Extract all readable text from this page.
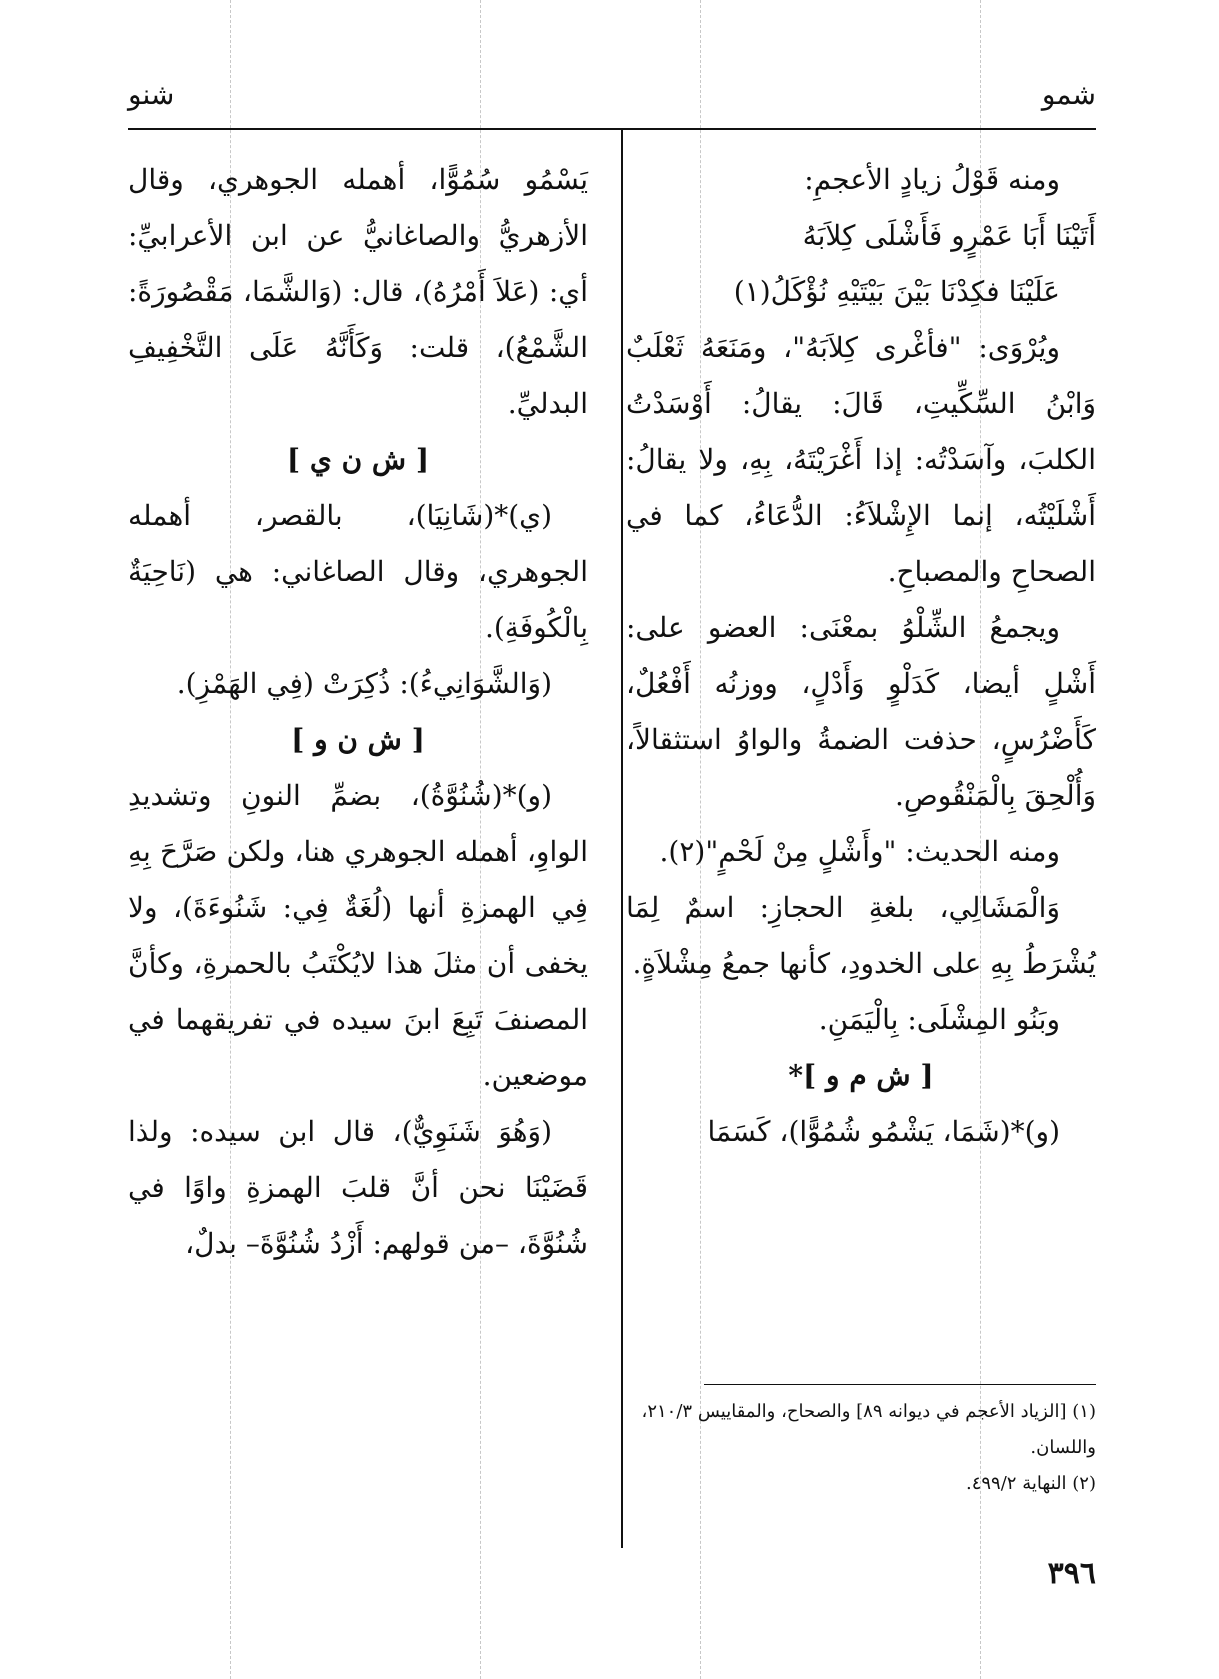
شمو
شنو

ومنه قَوْلُ زيادٍ الأعجمِ:

أَتَيْنَا أَبَا عَمْرٍو فَأَشْلَى كِلاَبَهُ

عَلَيْنَا فكِدْنَا بَيْنَ بَيْتَيْهِ نُؤْكَلُ(١)

ويُرْوَى: "فأغْرى كِلاَبَهُ"، ومَنَعَهُ ثَعْلَبٌ وَابْنُ السِّكِّيتِ، قَالَ: يقالُ: أَوْسَدْتُ الكلبَ، وآسَدْتُه: إذا أَغْرَيْتَهُ، بِهِ، ولا يقالُ: أَشْلَيْتُه، إنما الإِشْلاَءُ: الدُّعَاءُ، كما في الصحاحِ والمصباحِ.

ويجمعُ الشِّلْوُ بمعْنَى: العضو على: أَشْلٍ أيضا، كَدَلْوٍ وَأَدْلٍ، ووزنُه أَفْعُلٌ، كَأَضْرُسٍ، حذفت الضمةُ والواوُ استثقالاً، وَأُلْحِقَ بِالْمَنْقُوصِ.

ومنه الحديث: "وأَشْلٍ مِنْ لَحْمٍ"(٢).

وَالْمَشَالِي، بلغةِ الحجازِ: اسمٌ لِمَا يُشْرَطُ بِهِ على الخدودِ، كأنها جمعُ مِشْلاَةٍ.

وبَنُو المِشْلَى: بِالْيَمَنِ.

[ ش م و ]*

(و)*(شَمَا، يَشْمُو شُمُوًّا)، كَسَمَا

يَسْمُو سُمُوًّا، أهمله الجوهري، وقال الأزهريُّ والصاغانيُّ عن ابن الأعرابيِّ: أي: (عَلاَ أَمْرُهُ)، قال: (وَالشَّمَا، مَقْصُورَةً: الشَّمْعُ)، قلت: وَكَأَنَّهُ عَلَى التَّخْفِيفِ البدليِّ.

[ ش ن ي ]

(ي)*(شَانِيَا)، بالقصر، أهمله الجوهري، وقال الصاغاني: هي (نَاحِيَةٌ بِالْكُوفَةِ).

(وَالشَّوَانِيءُ): ذُكِرَتْ (فِي الهَمْزِ).

[ ش ن و ]

(و)*(شُنُوَّةُ)، بضمِّ النونِ وتشديدِ الواوِ، أهمله الجوهري هنا، ولكن صَرَّحَ بِهِ فِي الهمزةِ أنها (لُغَةٌ فِي: شَنُوءَةَ)، ولا يخفى أن مثلَ هذا لايُكْتَبُ بالحمرةِ، وكأنَّ المصنفَ تَبِعَ ابنَ سيده في تفريقهما في موضعين.

(وَهُوَ شَنَوِيٌّ)، قال ابن سيده: ولذا قَضَيْنَا نحن أنَّ قلبَ الهمزةِ واوًا في شُنُوَّةَ، –من قولهم: أَزْدُ شُنُوَّةَ– بدلٌ،

(١) [الزياد الأعجم في ديوانه ٨٩] والصحاح، والمقاييس ٢١٠/٣، واللسان.

(٢) النهاية ٤٩٩/٢.

٣٩٦
